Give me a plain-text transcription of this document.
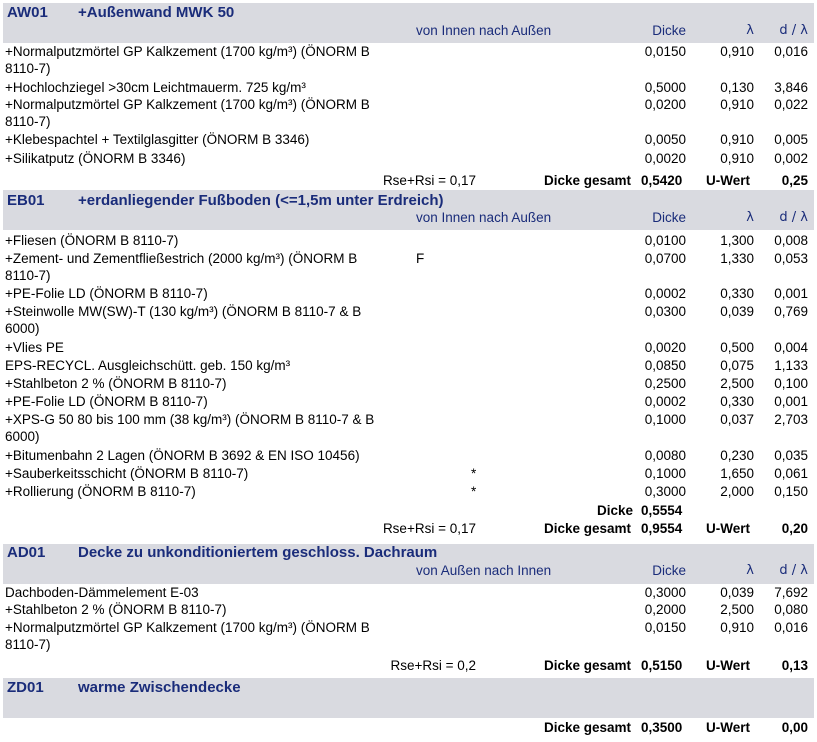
AW01 +Außenwand MWK 50
von Innen nach Außen	Dicke	λ	d / λ
+Normalputzmörtel GP Kalkzement (1700 kg/m³) (ÖNORM B
8110-7)
0,0150	0,910	0,016
+Hochlochziegel >30cm Leichtmauerm. 725 kg/m³	0,5000	0,130	3,846
+Normalputzmörtel GP Kalkzement (1700 kg/m³) (ÖNORM B
8110-7)
0,0200	0,910	0,022
+Klebespachtel + Textilglasgitter (ÖNORM B 3346)	0,0050	0,910	0,005
+Silikatputz (ÖNORM B 3346)	0,0020	0,910	0,002
Rse+Rsi = 0,17	Dicke gesamt 0,5420 U-Wert	0,25
EB01 +erdanliegender Fußboden (<=1,5m unter Erdreich)
von Innen nach Außen	Dicke	λ	d / λ
+Fliesen (ÖNORM B 8110-7)	0,0100	1,300	0,008
+Zement- und Zementfließestrich (2000 kg/m³) (ÖNORM B
8110-7)
F	0,0700	1,330	0,053
+PE-Folie LD (ÖNORM B 8110-7)	0,0002	0,330	0,001
+Steinwolle MW(SW)-T (130 kg/m³) (ÖNORM B 8110-7 & B
6000)
0,0300	0,039	0,769
+Vlies PE	0,0020	0,500	0,004
EPS-RECYCL. Ausgleichschütt. geb. 150 kg/m³	0,0850	0,075	1,133
+Stahlbeton 2 % (ÖNORM B 8110-7)	0,2500	2,500	0,100
+PE-Folie LD (ÖNORM B 8110-7)	0,0002	0,330	0,001
+XPS-G 50 80 bis 100 mm (38 kg/m³) (ÖNORM B 8110-7 & B
6000)
0,1000	0,037	2,703
+Bitumenbahn 2 Lagen (ÖNORM B 3692 & EN ISO 10456)	0,0080	0,230	0,035
+Sauberkeitsschicht (ÖNORM B 8110-7)	*	0,1000	1,650	0,061
+Rollierung (ÖNORM B 8110-7)	*	0,3000	2,000	0,150
Dicke 0,5554
Rse+Rsi = 0,17	Dicke gesamt 0,9554 U-Wert	0,20
AD01 Decke zu unkonditioniertem geschloss. Dachraum
von Außen nach Innen	Dicke	λ	d / λ
Dachboden-Dämmelement E-03	0,3000	0,039	7,692
+Stahlbeton 2 % (ÖNORM B 8110-7)	0,2000	2,500	0,080
+Normalputzmörtel GP Kalkzement (1700 kg/m³) (ÖNORM B
8110-7)
0,0150	0,910	0,016
Rse+Rsi = 0,2	Dicke gesamt 0,5150 U-Wert	0,13
ZD01 warme Zwischendecke
Dicke gesamt 0,3500 U-Wert	0,00
